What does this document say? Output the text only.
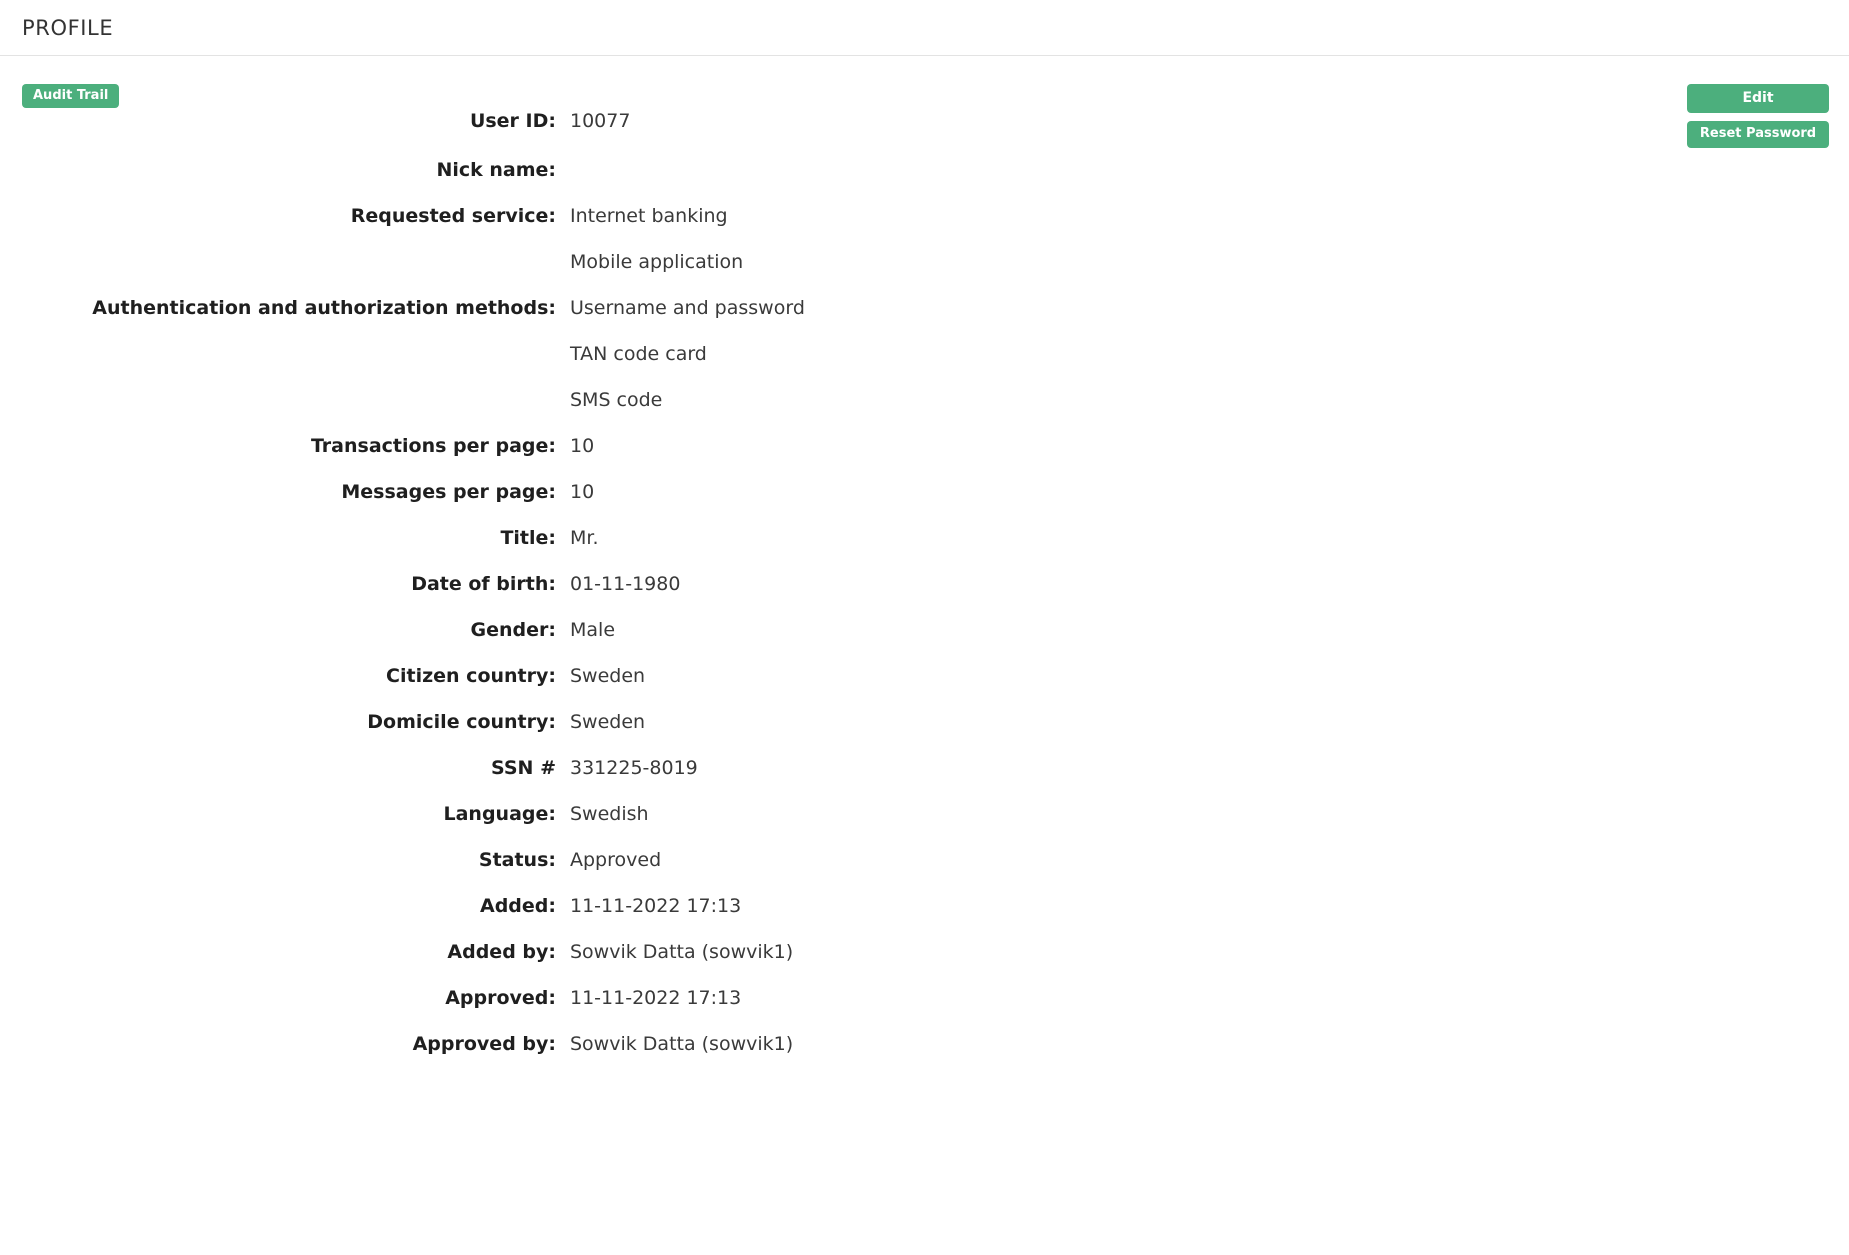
PROFILE
Audit Trail	Edit
Reset Password
User ID: 10077
Nick name:
Requested service: Internet banking
Mobile application
Authentication and authorization methods: Username and password
TAN code card
SMS code
Transactions per page: 10
Messages per page: 10
Title: Mr.
Date of birth: 01-11-1980
Gender: Male
Citizen country: Sweden
Domicile country: Sweden
SSN # 331225-8019
Language: Swedish
Status: Approved
Added: 11-11-2022 17:13
Added by: Sowvik Datta (sowvik1)
Approved: 11-11-2022 17:13
Approved by: Sowvik Datta (sowvik1)
